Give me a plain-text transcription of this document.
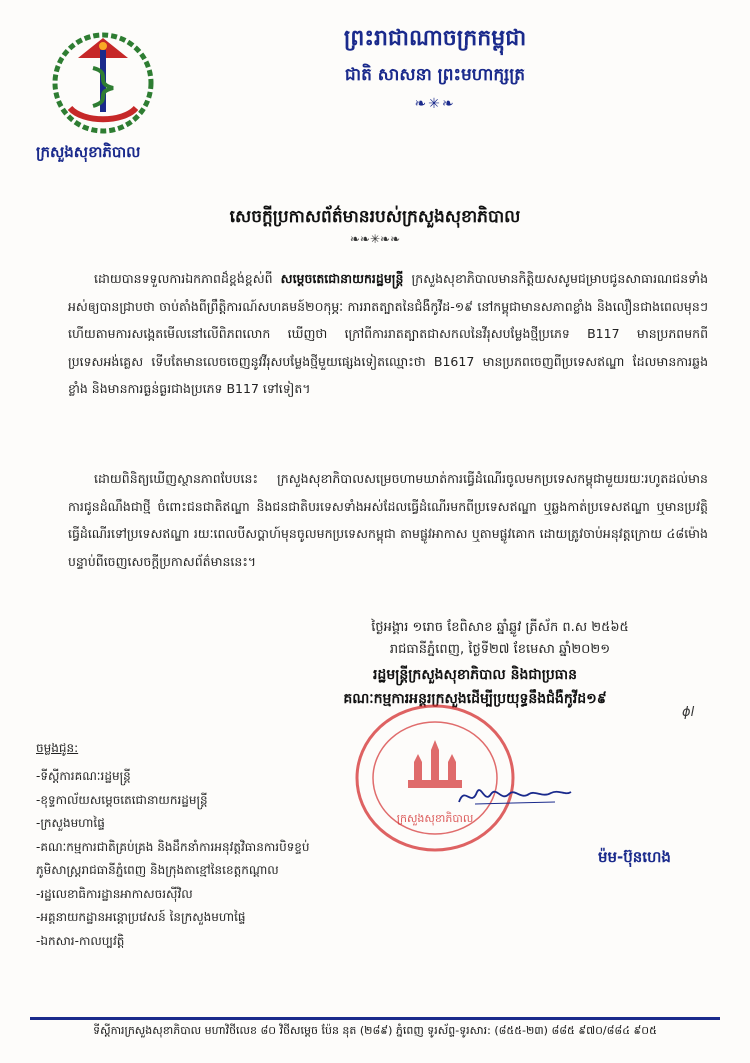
ក្រសួងសុខាភិបាល
ព្រះរាជាណាចក្រកម្ពុជា
ជាតិ សាសនា ព្រះមហាក្សត្រ
❧✳❧
សេចក្តីប្រកាសព័ត៌មានរបស់ក្រសួងសុខាភិបាល
❧❧✳❧❧
ដោយបានទទួលការឯកភាពដ៏ខ្ពង់ខ្ពស់ពី សម្តេចតេជោនាយករដ្ឋមន្ត្រី ក្រសួងសុខាភិបាលមានកិត្តិយសសូមជម្រាបជូនសាធារណជនទាំងអស់ឲ្យបានជ្រាបថា ចាប់តាំងពីព្រឹត្តិការណ៍សហគមន៍២០កុម្ភៈ ការរាតត្បាតនៃជំងឺកូវីដ-១៩ នៅកម្ពុជាមានសភាពខ្លាំង និងលឿនជាងពេលមុនៗ ហើយតាមការសង្កេតមើលនៅលើពិភពលោក ឃើញថា ក្រៅពីការរាតត្បាតជាសកលនៃវីរុសបម្លែងថ្មីប្រភេទ B117 មានប្រភពមកពីប្រទេសអង់គ្លេស ទើបតែមានលេចចេញនូវវីរុសបម្លែងថ្មីមួយផ្សេងទៀតឈ្មោះថា B1617 មានប្រភពចេញពីប្រទេសឥណ្ឌា ដែលមានការឆ្លងខ្លាំង និងមានការធ្ងន់ធ្ងរជាងប្រភេទ B117 ទៅទៀត។
ដោយពិនិត្យឃើញស្ថានភាពបែបនេះ ក្រសួងសុខាភិបាលសម្រេចហាមឃាត់ការធ្វើដំណើរចូលមកប្រទេសកម្ពុជាមួយរយៈរហូតដល់មានការជូនដំណឹងជាថ្មី ចំពោះជនជាតិឥណ្ឌា និងជនជាតិបរទេសទាំងអស់ដែលធ្វើដំណើរមកពីប្រទេសឥណ្ឌា ឬឆ្លងកាត់ប្រទេសឥណ្ឌា ឬមានប្រវត្តិធ្វើដំណើរទៅប្រទេសឥណ្ឌា រយៈពេលបីសប្តាហ៍មុនចូលមកប្រទេសកម្ពុជា តាមផ្លូវអាកាស ឬតាមផ្លូវគោក ដោយត្រូវចាប់អនុវត្តក្រោយ ៤៨ម៉ោង បន្ទាប់ពីចេញសេចក្តីប្រកាសព័ត៌មាននេះ។
ថ្ងៃអង្គារ ១រោច ខែពិសាខ ឆ្នាំឆ្លូវ ត្រីស័ក ព.ស ២៥៦៥
រាជធានីភ្នំពេញ, ថ្ងៃទី២៧ ខែមេសា ឆ្នាំ២០២១
រដ្ឋមន្ត្រីក្រសួងសុខាភិបាល និងជាប្រធាន
គណៈកម្មការអន្តរក្រសួងដើម្បីប្រយុទ្ធនឹងជំងឺកូវីដ១៩
ϕl
ក្រសួងសុខាភិបាល
ម៉ម-ប៊ុនហេង
ចម្លងជូន:
-ទីស្តីការគណៈរដ្ឋមន្ត្រី
-ខុទ្ទកាល័យសម្តេចតេជោនាយករដ្ឋមន្ត្រី
-ក្រសួងមហាផ្ទៃ
-គណៈកម្មការជាតិគ្រប់គ្រង និងដឹកនាំការអនុវត្តវិធានការបិទខ្ទប់
ភូមិសាស្ត្ររាជធានីភ្នំពេញ និងក្រុងតាខ្មៅនៃខេត្តកណ្តាល
-រដ្ឋលេខាធិការដ្ឋានអាកាសចរស៊ីវិល
-អគ្គនាយកដ្ឋានអន្តោប្រវេសន៍ នៃក្រសួងមហាផ្ទៃ
-ឯកសារ-កាលប្បវត្តិ
ទីស្តីការក្រសួងសុខាភិបាល មហាវិថីលេខ ៨០ វិថីសម្តេច ប៉ែន នុត (២៨៩) ភ្នំពេញ ទូរស័ព្ទ-ទូរសារ: (៨៥៥-២៣) ៨៨៥ ៩៧០/៨៨៤ ៩០៥
